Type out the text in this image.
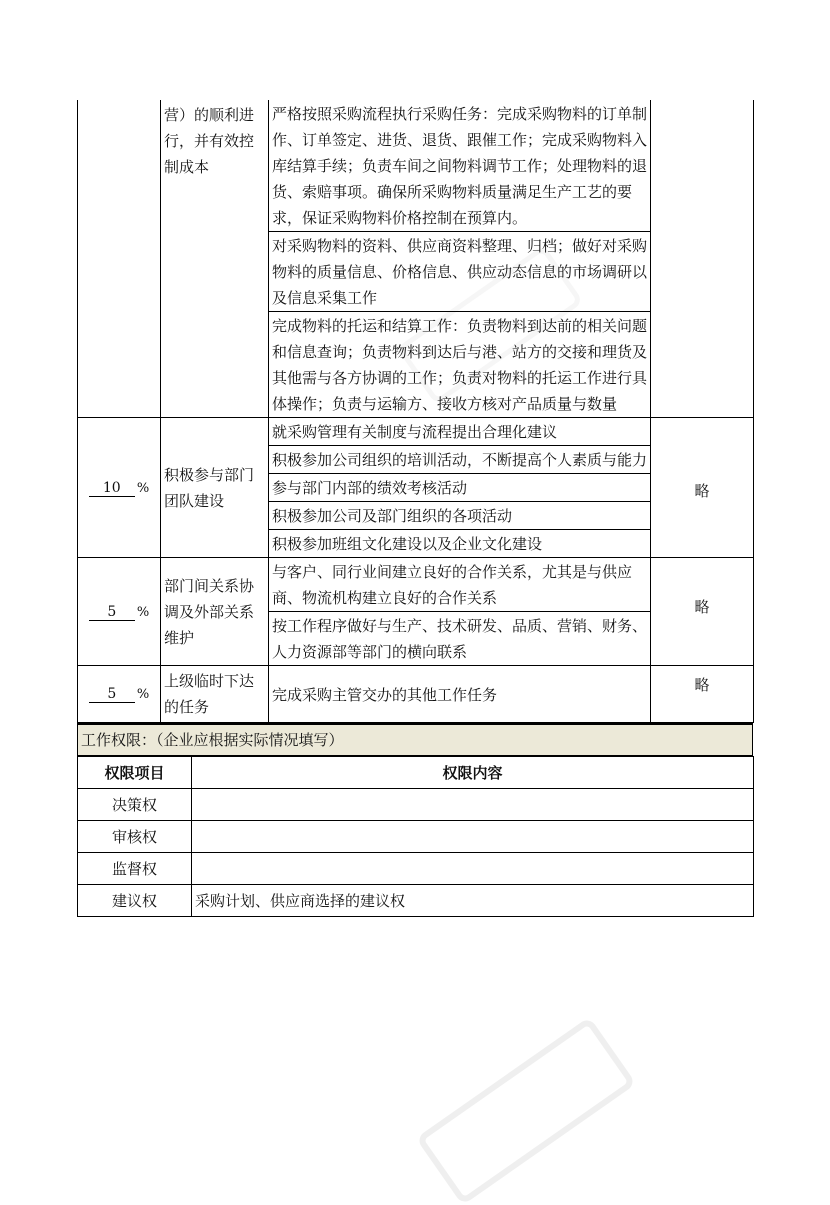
	营）的顺利进行，并有效控制成本	严格按照采购流程执行采购任务：完成采购物料的订单制作、订单签定、进货、退货、跟催工作；完成采购物料入库结算手续；负责车间之间物料调节工作；处理物料的退货、索赔事项。确保所采购物料质量满足生产工艺的要求，保证采购物料价格控制在预算内。	
		对采购物料的资料、供应商资料整理、归档；做好对采购物料的质量信息、价格信息、供应动态信息的市场调研以及信息采集工作	
		完成物料的托运和结算工作：负责物料到达前的相关问题和信息查询；负责物料到达后与港、站方的交接和理货及其他需与各方协调的工作；负责对物料的托运工作进行具体操作；负责与运输方、接收方核对产品质量与数量	
10 %	积极参与部门团队建设	就采购管理有关制度与流程提出合理化建议	略
		积极参加公司组织的培训活动，不断提高个人素质与能力	
		参与部门内部的绩效考核活动	
		积极参加公司及部门组织的各项活动	
		积极参加班组文化建设以及企业文化建设	
5 %	部门间关系协调及外部关系维护	与客户、同行业间建立良好的合作关系，尤其是与供应商、物流机构建立良好的合作关系	略
		按工作程序做好与生产、技术研发、品质、营销、财务、人力资源部等部门的横向联系	
5 %	上级临时下达的任务	完成采购主管交办的其他工作任务	略
工作权限：（企业应根据实际情况填写）
权限项目	权限内容
决策权	
审核权	
监督权	
建议权	采购计划、供应商选择的建议权
